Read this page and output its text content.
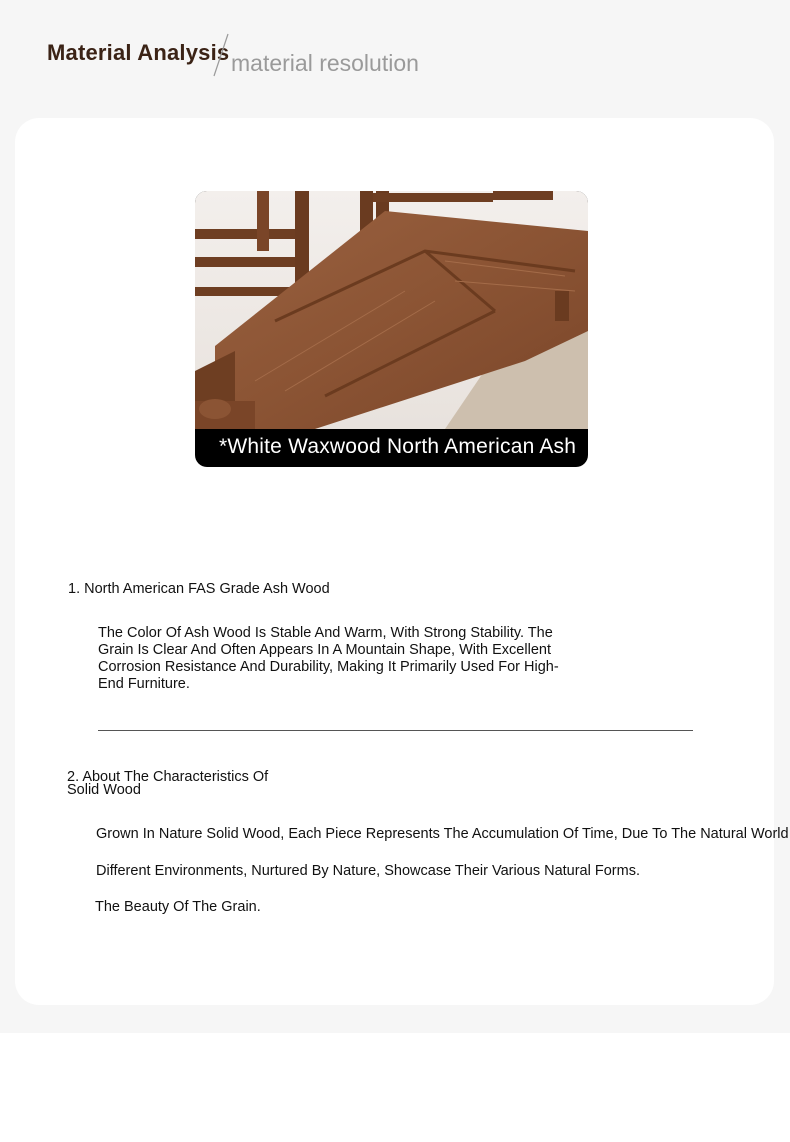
Material Analysis material resolution
*White Waxwood North American Ash
1. North American FAS Grade Ash Wood
The Color Of Ash Wood Is Stable And Warm, With Strong Stability. The Grain Is Clear And Often Appears In A Mountain Shape, With Excellent Corrosion Resistance And Durability, Making It Primarily Used For High-End Furniture.
2. About The Characteristics Of Solid Wood
Grown In Nature Solid Wood, Each Piece Represents The Accumulation Of Time, Due To The Natural World
Different Environments, Nurtured By Nature, Showcase Their Various Natural Forms.
The Beauty Of The Grain.
